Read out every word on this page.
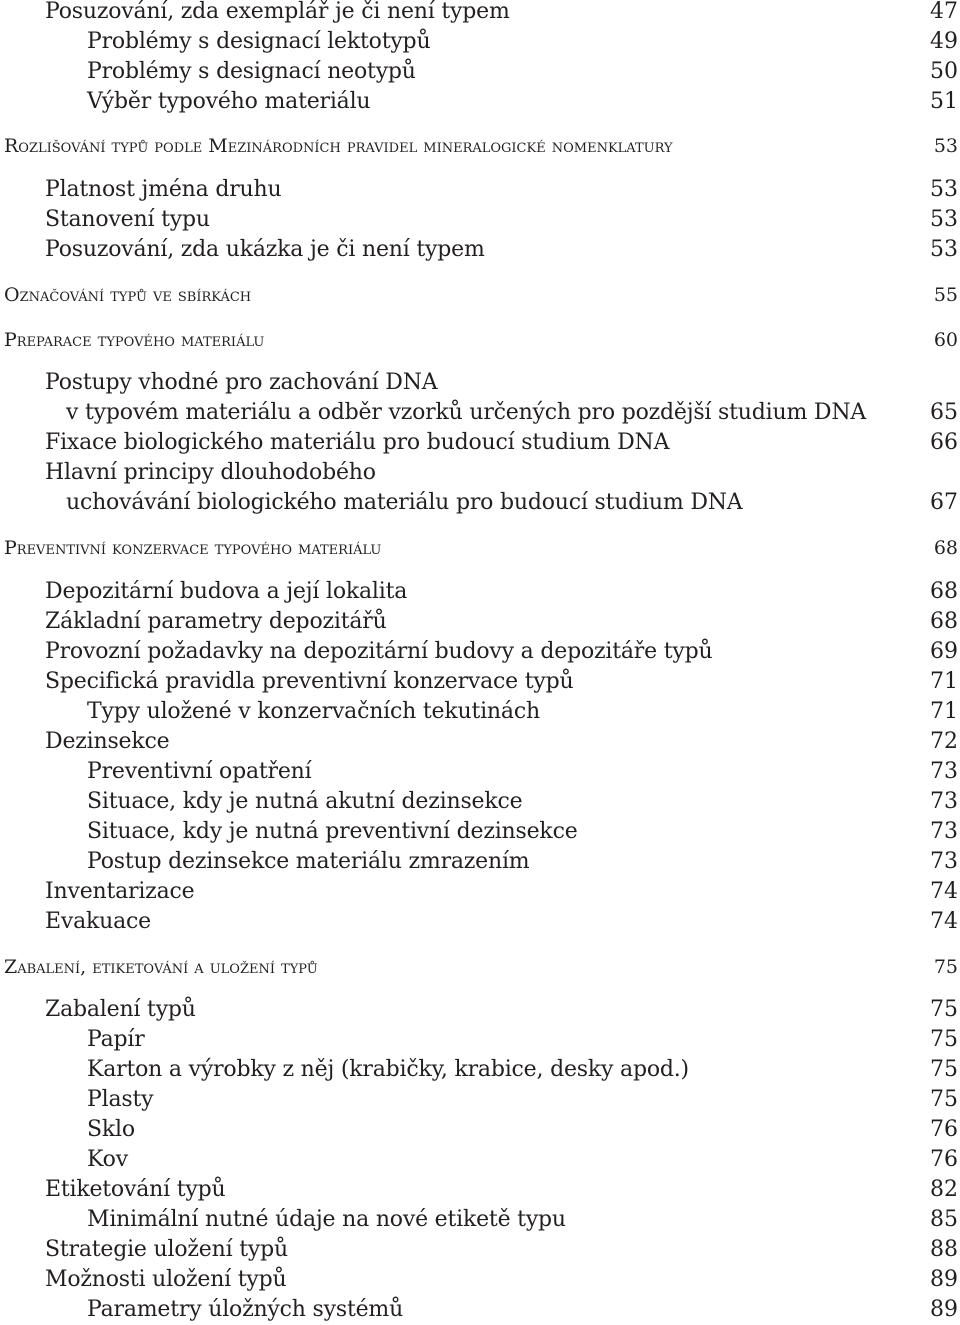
Posuzování, zda exemplář je či není typem	47
Problémy s designací lektotypů	49
Problémy s designací neotypů	50
Výběr typového materiálu	51
Rozlišování typů podle Mezinárodních pravidel mineralogické nomenklatury	53
Platnost jména druhu	53
Stanovení typu	53
Posuzování, zda ukázka je či není typem	53
Označování typů ve sbírkách	55
Preparace typového materiálu	60
Postupy vhodné pro zachování DNA
v typovém materiálu a odběr vzorků určených pro pozdější studium DNA	65
Fixace biologického materiálu pro budoucí studium DNA	66
Hlavní principy dlouhodobého
uchovávání biologického materiálu pro budoucí studium DNA	67
Preventivní konzervace typového materiálu	68
Depozitární budova a její lokalita	68
Základní parametry depozitářů	68
Provozní požadavky na depozitární budovy a depozitáře typů	69
Specifická pravidla preventivní konzervace typů	71
Typy uložené v konzervačních tekutinách	71
Dezinsekce	72
Preventivní opatření	73
Situace, kdy je nutná akutní dezinsekce	73
Situace, kdy je nutná preventivní dezinsekce	73
Postup dezinsekce materiálu zmrazením	73
Inventarizace	74
Evakuace	74
Zabalení, etiketování a uložení typů	75
Zabalení typů	75
Papír	75
Karton a výrobky z něj (krabičky, krabice, desky apod.)	75
Plasty	75
Sklo	76
Kov	76
Etiketování typů	82
Minimální nutné údaje na nové etiketě typu	85
Strategie uložení typů	88
Možnosti uložení typů	89
Parametry úložných systémů	89
